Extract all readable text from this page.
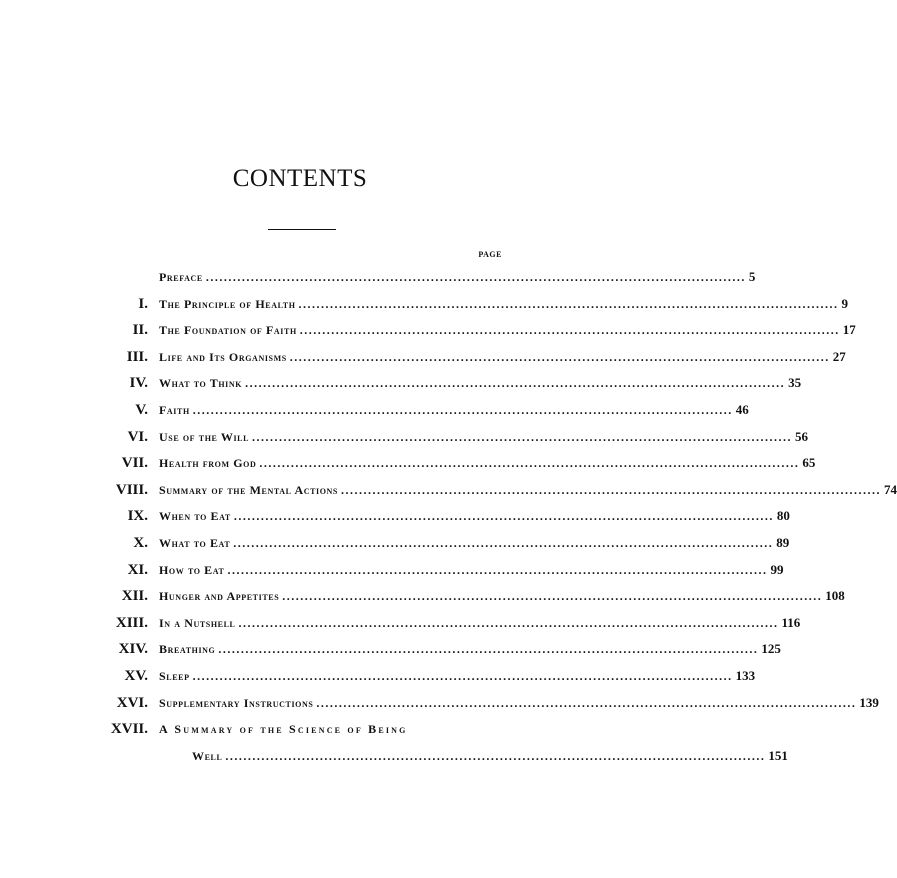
CONTENTS
PAGE
Preface ........................................................................................................................ 5
I. The Principle of Health ........................................................................................................................ 9
II. The Foundation of Faith ........................................................................................................................ 17
III. Life and Its Organisms ........................................................................................................................ 27
IV. What to Think ........................................................................................................................ 35
V. Faith ........................................................................................................................ 46
VI. Use of the Will ........................................................................................................................ 56
VII. Health from God ........................................................................................................................ 65
VIII. Summary of the Mental Actions ........................................................................................................................ 74
IX. When to Eat ........................................................................................................................ 80
X. What to Eat ........................................................................................................................ 89
XI. How to Eat ........................................................................................................................ 99
XII. Hunger and Appetites ........................................................................................................................ 108
XIII. In a Nutshell ........................................................................................................................ 116
XIV. Breathing ........................................................................................................................ 125
XV. Sleep ........................................................................................................................ 133
XVI. Supplementary Instructions ........................................................................................................................ 139
XVII. A Summary of the Science of Being
Well ........................................................................................................................ 151
